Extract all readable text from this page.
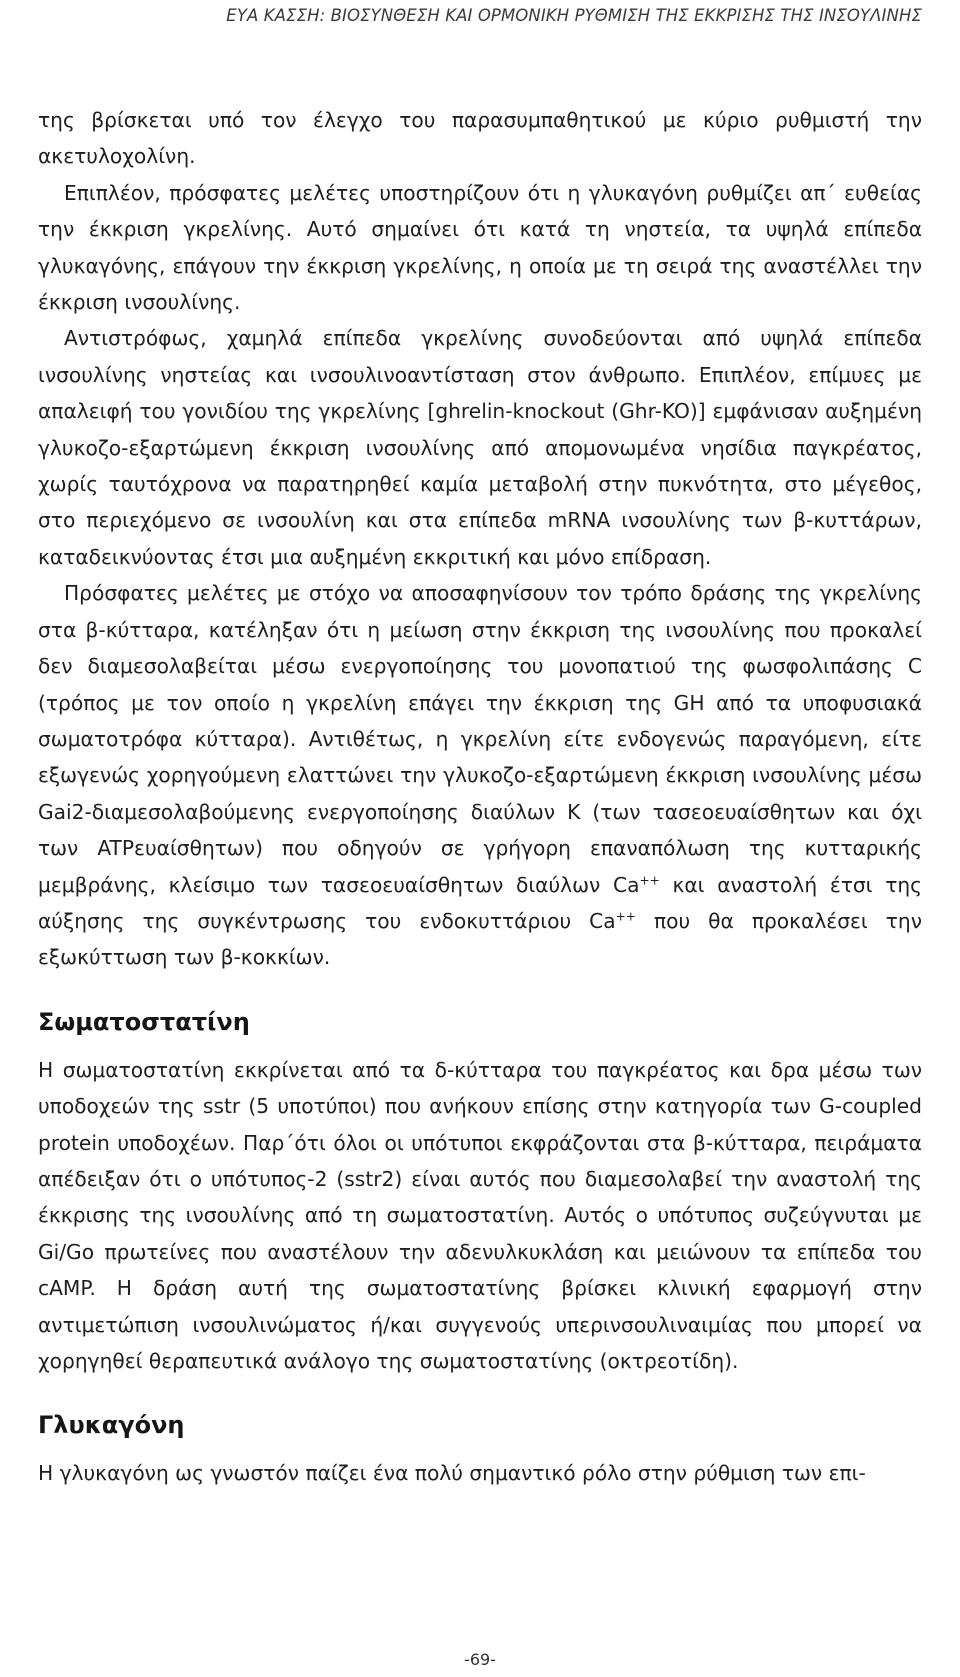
ΕΥΑ ΚΑΣΣΗ: ΒΙΟΣΥΝΘΕΣΗ ΚΑΙ ΟΡΜΟΝΙΚΗ ΡΥΘΜΙΣΗ ΤΗΣ ΕΚΚΡΙΣΗΣ ΤΗΣ ΙΝΣΟΥΛΙΝΗΣ

της βρίσκεται υπό τον έλεγχο του παρασυμπαθητικού με κύριο ρυθμιστή την ακετυλοχολίνη.

Επιπλέον, πρόσφατες μελέτες υποστηρίζουν ότι η γλυκαγόνη ρυθμίζει απ΄ ευθείας την έκκριση γκρελίνης. Αυτό σημαίνει ότι κατά τη νηστεία, τα υψηλά επίπεδα γλυκαγόνης, επάγουν την έκκριση γκρελίνης, η οποία με τη σειρά της αναστέλλει την έκκριση ινσουλίνης.

Αντιστρόφως, χαμηλά επίπεδα γκρελίνης συνοδεύονται από υψηλά επίπεδα ινσουλίνης νηστείας και ινσουλινοαντίσταση στον άνθρωπο. Επιπλέον, επίμυες με απαλειφή του γονιδίου της γκρελίνης [ghrelin-knockout (Ghr-KO)] εμφάνισαν αυξημένη γλυκοζο-εξαρτώμενη έκκριση ινσουλίνης από απομονωμένα νησίδια παγκρέατος, χωρίς ταυτόχρονα να παρατηρηθεί καμία μεταβολή στην πυκνότητα, στο μέγεθος, στο περιεχόμενο σε ινσουλίνη και στα επίπεδα mRNA ινσουλίνης των β-κυττάρων, καταδεικνύοντας έτσι μια αυξημένη εκκριτική και μόνο επίδραση.

Πρόσφατες μελέτες με στόχο να αποσαφηνίσουν τον τρόπο δράσης της γκρελίνης στα β-κύτταρα, κατέληξαν ότι η μείωση στην έκκριση της ινσουλίνης που προκαλεί δεν διαμεσολαβείται μέσω ενεργοποίησης του μονοπατιού της φωσφολιπάσης C (τρόπος με τον οποίο η γκρελίνη επάγει την έκκριση της GH από τα υποφυσιακά σωματοτρόφα κύτταρα). Αντιθέτως, η γκρελίνη είτε ενδογενώς παραγόμενη, είτε εξωγενώς χορηγούμενη ελαττώνει την γλυκοζο-εξαρτώμενη έκκριση ινσουλίνης μέσω Gai2-διαμεσολαβούμενης ενεργοποίησης διαύλων K (των τασεοευαίσθητων και όχι των ATPευαίσθητων) που οδηγούν σε γρήγορη επαναπόλωση της κυτταρικής μεμβράνης, κλείσιμο των τασεοευαίσθητων διαύλων Ca++ και αναστολή έτσι της αύξησης της συγκέντρωσης του ενδοκυττάριου Ca++ που θα προκαλέσει την εξωκύττωση των β-κοκκίων.

Σωματοστατίνη

Η σωματοστατίνη εκκρίνεται από τα δ-κύτταρα του παγκρέατος και δρα μέσω των υποδοχεών της sstr (5 υποτύποι) που ανήκουν επίσης στην κατηγορία των G-coupled protein υποδοχέων. Παρ΄ότι όλοι οι υπότυποι εκφράζονται στα β-κύτταρα, πειράματα απέδειξαν ότι ο υπότυπος-2 (sstr2) είναι αυτός που διαμεσολαβεί την αναστολή της έκκρισης της ινσουλίνης από τη σωματοστατίνη. Αυτός ο υπότυπος συζεύγνυται με Gi/Go πρωτείνες που αναστέλουν την αδενυλκυκλάση και μειώνουν τα επίπεδα του cAMP. Η δράση αυτή της σωματοστατίνης βρίσκει κλινική εφαρμογή στην αντιμετώπιση ινσουλινώματος ή/και συγγενούς υπερινσουλιναιμίας που μπορεί να χορηγηθεί θεραπευτικά ανάλογο της σωματοστατίνης (οκτρεοτίδη).

Γλυκαγόνη

Η γλυκαγόνη ως γνωστόν παίζει ένα πολύ σημαντικό ρόλο στην ρύθμιση των επι-

-69-
